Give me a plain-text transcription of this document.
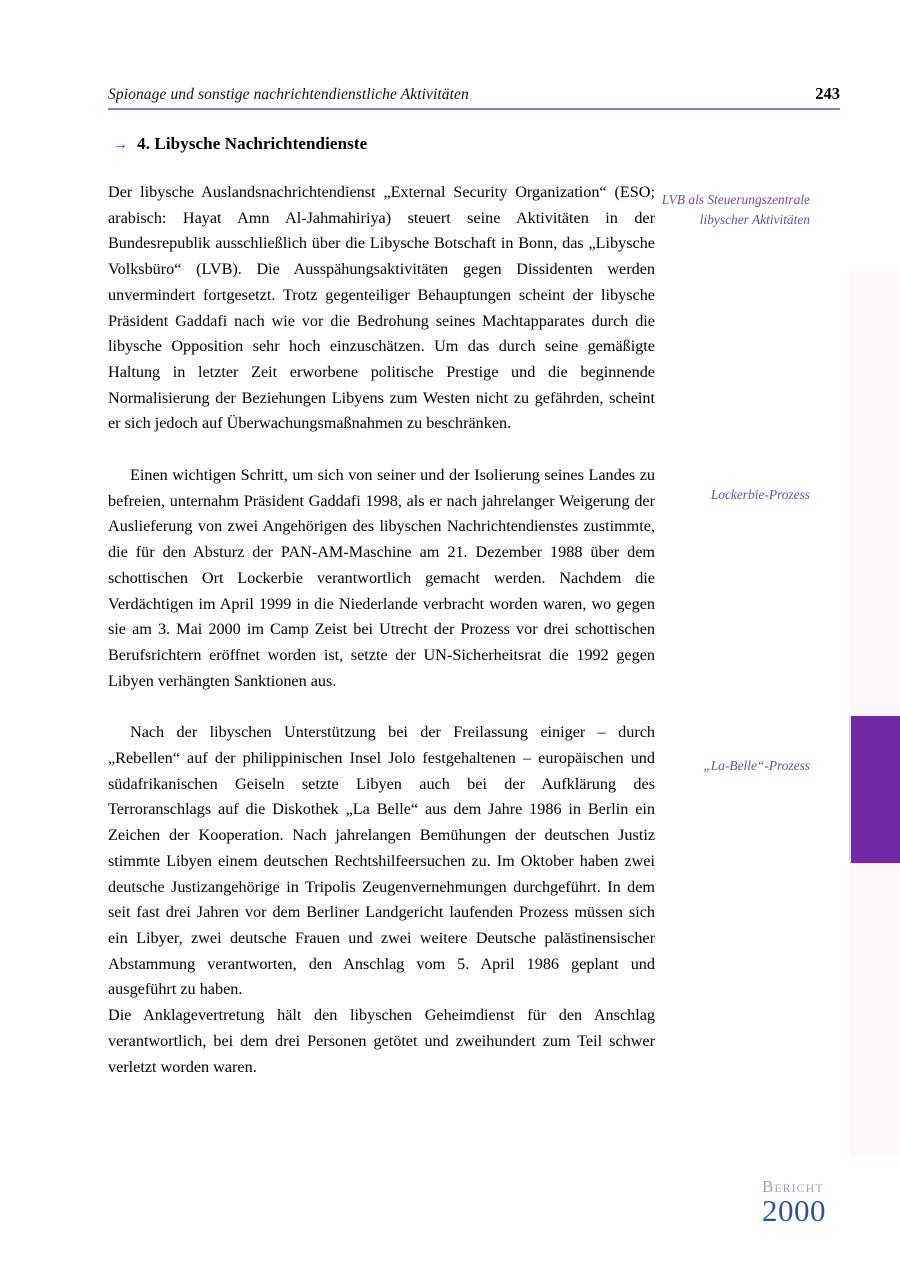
Spionage und sonstige nachrichtendienstliche Aktivitäten	243
→ 4. Libysche Nachrichtendienste

Der libysche Auslandsnachrichtendienst „External Security Organization“ (ESO; arabisch: Hayat Amn Al-Jahmahiriya) steuert seine Aktivitäten in der Bundesrepublik ausschließlich über die Libysche Botschaft in Bonn, das „Libysche Volksbüro“ (LVB). Die Ausspähungsaktivitäten gegen Dissidenten werden unvermindert fortgesetzt. Trotz gegenteiliger Behauptungen scheint der libysche Präsident Gaddafi nach wie vor die Bedrohung seines Machtapparates durch die libysche Opposition sehr hoch einzuschätzen. Um das durch seine gemäßigte Haltung in letzter Zeit erworbene politische Prestige und die beginnende Normalisierung der Beziehungen Libyens zum Westen nicht zu gefährden, scheint er sich jedoch auf Überwachungsmaßnahmen zu beschränken.

Einen wichtigen Schritt, um sich von seiner und der Isolierung seines Landes zu befreien, unternahm Präsident Gaddafi 1998, als er nach jahrelanger Weigerung der Auslieferung von zwei Angehörigen des libyschen Nachrichtendienstes zustimmte, die für den Absturz der PAN-AM-Maschine am 21. Dezember 1988 über dem schottischen Ort Lockerbie verantwortlich gemacht werden. Nachdem die Verdächtigen im April 1999 in die Niederlande verbracht worden waren, wo gegen sie am 3. Mai 2000 im Camp Zeist bei Utrecht der Prozess vor drei schottischen Berufsrichtern eröffnet worden ist, setzte der UN-Sicherheitsrat die 1992 gegen Libyen verhängten Sanktionen aus.

Nach der libyschen Unterstützung bei der Freilassung einiger – durch „Rebellen“ auf der philippinischen Insel Jolo festgehaltenen – europäischen und südafrikanischen Geiseln setzte Libyen auch bei der Aufklärung des Terroranschlags auf die Diskothek „La Belle“ aus dem Jahre 1986 in Berlin ein Zeichen der Kooperation. Nach jahrelangen Bemühungen der deutschen Justiz stimmte Libyen einem deutschen Rechtshilfeersuchen zu. Im Oktober haben zwei deutsche Justizangehörige in Tripolis Zeugenvernehmungen durchgeführt. In dem seit fast drei Jahren vor dem Berliner Landgericht laufenden Prozess müssen sich ein Libyer, zwei deutsche Frauen und zwei weitere Deutsche palästinensischer Abstammung verantworten, den Anschlag vom 5. April 1986 geplant und ausgeführt zu haben.

Die Anklagevertretung hält den libyschen Geheimdienst für den Anschlag verantwortlich, bei dem drei Personen getötet und zweihundert zum Teil schwer verletzt worden waren.

LVB als Steuerungszentrale libyscher Aktivitäten
Lockerbie-Prozess
„La-Belle“-Prozess
Bericht
2000
